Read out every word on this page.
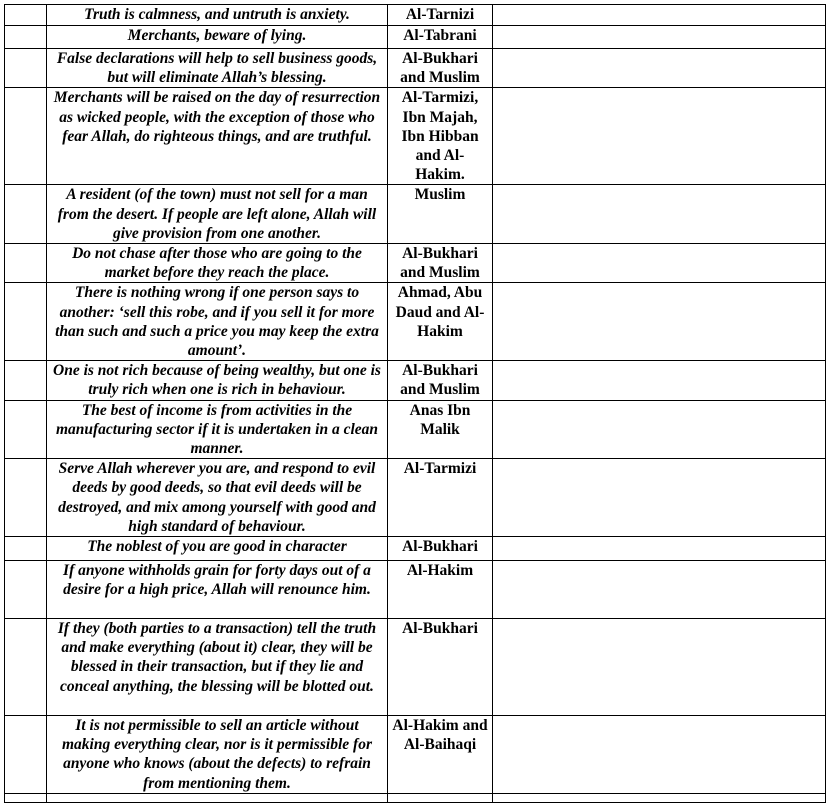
	Truth is calmness, and untruth is anxiety.	Al-Tarnizi	
	Merchants, beware of lying.	Al-Tabrani	
	False declarations will help to sell business goods, but will eliminate Allah’s blessing.	Al-Bukhari and Muslim	
	Merchants will be raised on the day of resurrection as wicked people, with the exception of those who fear Allah, do righteous things, and are truthful.	Al-Tarmizi, Ibn Majah, Ibn Hibban and Al-Hakim.	
	A resident (of the town) must not sell for a man from the desert. If people are left alone, Allah will give provision from one another.	Muslim	
	Do not chase after those who are going to the market before they reach the place.	Al-Bukhari and Muslim	
	There is nothing wrong if one person says to another: ‘sell this robe, and if you sell it for more than such and such a price you may keep the extra amount’.	Ahmad, Abu Daud and Al-Hakim	
	One is not rich because of being wealthy, but one is truly rich when one is rich in behaviour.	Al-Bukhari and Muslim	
	The best of income is from activities in the manufacturing sector if it is undertaken in a clean manner.	Anas Ibn Malik	
	Serve Allah wherever you are, and respond to evil deeds by good deeds, so that evil deeds will be destroyed, and mix among yourself with good and high standard of behaviour.	Al-Tarmizi	
	The noblest of you are good in character	Al-Bukhari	
	If anyone withholds grain for forty days out of a desire for a high price, Allah will renounce him.	Al-Hakim	
	If they (both parties to a transaction) tell the truth and make everything (about it) clear, they will be blessed in their transaction, but if they lie and conceal anything, the blessing will be blotted out.	Al-Bukhari	
	It is not permissible to sell an article without making everything clear, nor is it permissible for anyone who knows (about the defects) to refrain from mentioning them.	Al-Hakim and Al-Baihaqi	
